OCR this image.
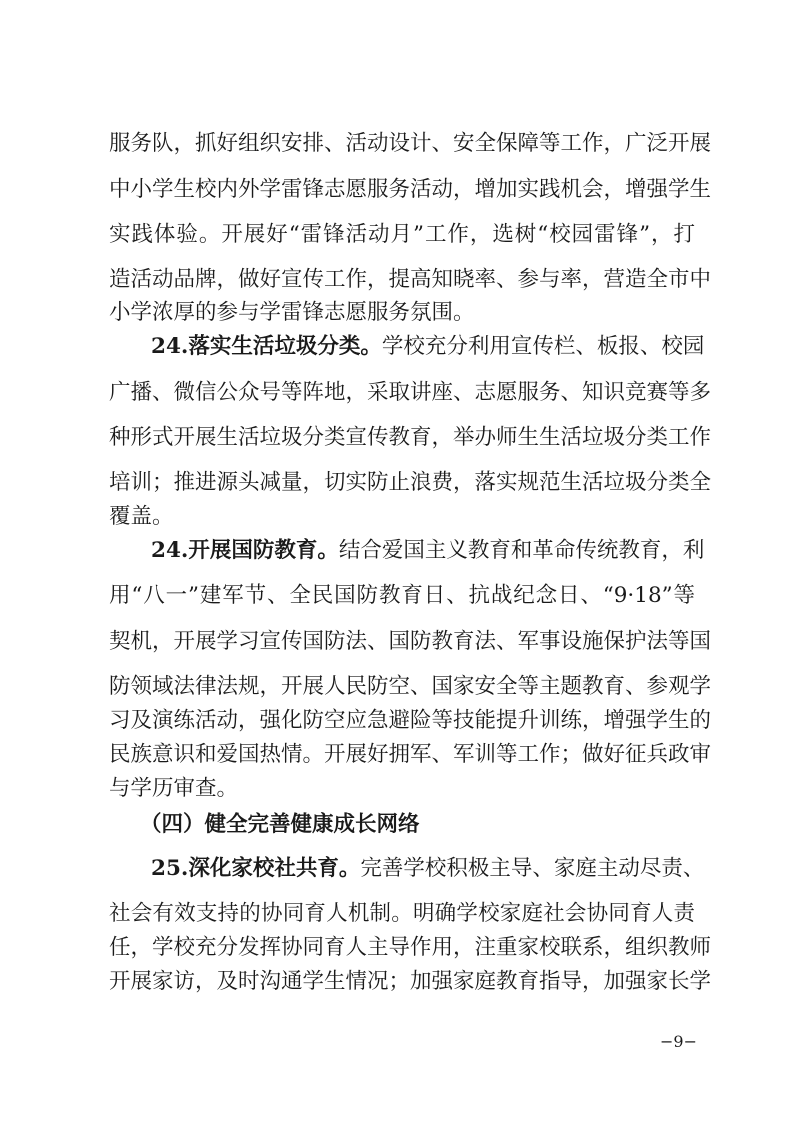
服务队，抓好组织安排、活动设计、安全保障等工作，广泛开展
中小学生校内外学雷锋志愿服务活动，增加实践机会，增强学生
实践体验。开展好“雷锋活动月”工作，选树“校园雷锋”，打
造活动品牌，做好宣传工作，提高知晓率、参与率，营造全市中
小学浓厚的参与学雷锋志愿服务氛围。
24.落实生活垃圾分类。学校充分利用宣传栏、板报、校园
广播、微信公众号等阵地，采取讲座、志愿服务、知识竞赛等多
种形式开展生活垃圾分类宣传教育，举办师生生活垃圾分类工作
培训；推进源头减量，切实防止浪费，落实规范生活垃圾分类全
覆盖。
24.开展国防教育。结合爱国主义教育和革命传统教育，利
用“八一”建军节、全民国防教育日、抗战纪念日、“9·18”等
契机，开展学习宣传国防法、国防教育法、军事设施保护法等国
防领域法律法规，开展人民防空、国家安全等主题教育、参观学
习及演练活动，强化防空应急避险等技能提升训练，增强学生的
民族意识和爱国热情。开展好拥军、军训等工作；做好征兵政审
与学历审查。
（四）健全完善健康成长网络
25.深化家校社共育。完善学校积极主导、家庭主动尽责、
社会有效支持的协同育人机制。明确学校家庭社会协同育人责
任，学校充分发挥协同育人主导作用，注重家校联系，组织教师
开展家访，及时沟通学生情况；加强家庭教育指导，加强家长学
−9−
